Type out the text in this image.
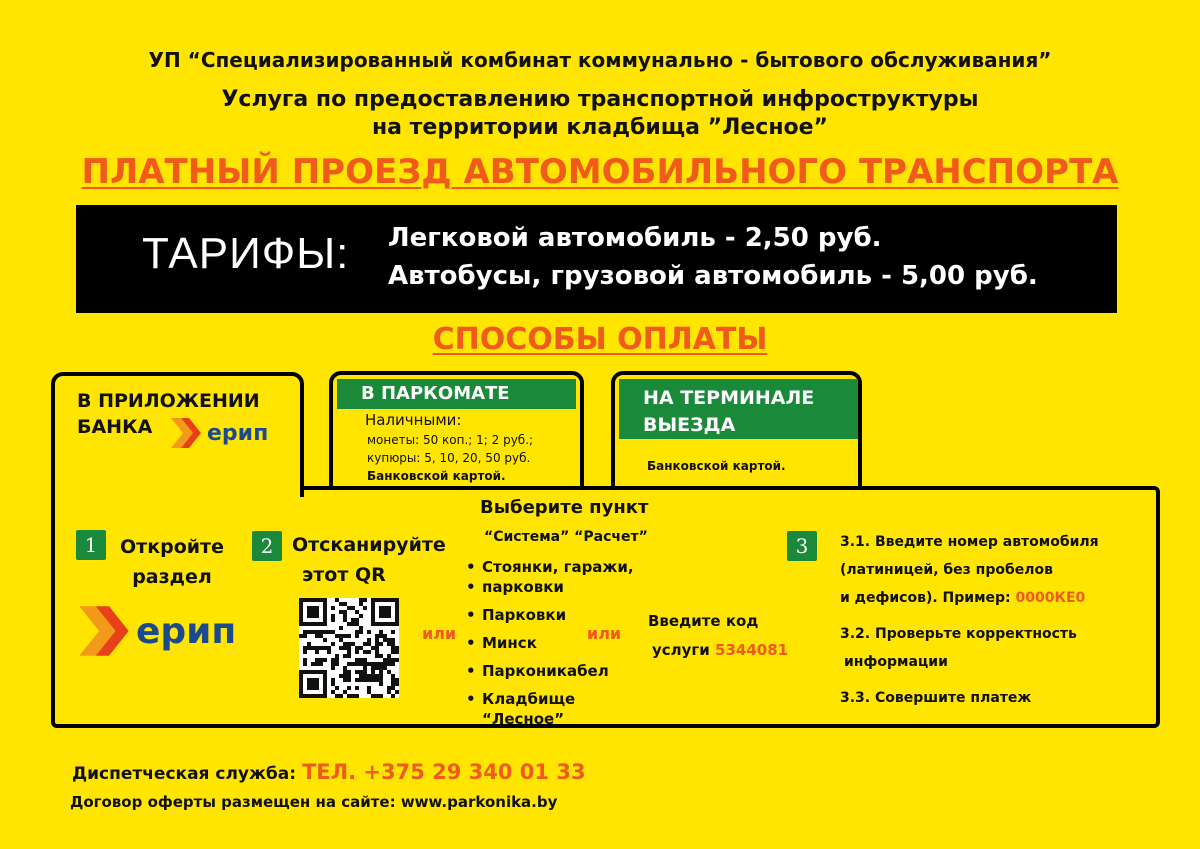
УП “Специализированный комбинат коммунально - бытового обслуживания”
Услуга по предоставлению транспортной инфроструктуры
на территории кладбища ”Лесное”
ПЛАТНЫЙ ПРОЕЗД АВТОМОБИЛЬНОГО ТРАНСПОРТА
ТАРИФЫ: Легковой автомобиль - 2,50 руб.
Автобусы, грузовой автомобиль - 5,00 руб.
СПОСОБЫ ОПЛАТЫ
В ПАРКОМАТЕ
Наличными:
монеты: 50 коп.; 1; 2 руб.;
купюры: 5, 10, 20, 50 руб.
Банковской картой.
НА ТЕРМИНАЛЕ
ВЫЕЗДА
Банковской картой.
В ПРИЛОЖЕНИИ
БАНКА	ерип
1	Откройте
раздел
ерип
2 Отсканируйте
этот QR
или
Выберите пункт
“Система” “Расчет”
• Стоянки, гаражи,
• парковки
• Парковки
• Минск
• Парконикабел
• Кладбище “Лесное”
или
Введите код
услуги 5344081
3	3.1. Введите номер автомобиля
(латиницей, без пробелов
и дефисов). Пример: 0000КЕ0
3.2. Проверьте корректность
информации
3.3. Совершите платеж
Диспетческая служба: ТЕЛ. +375 29 340 01 33
Договор оферты размещен на сайте: www.parkonika.by
